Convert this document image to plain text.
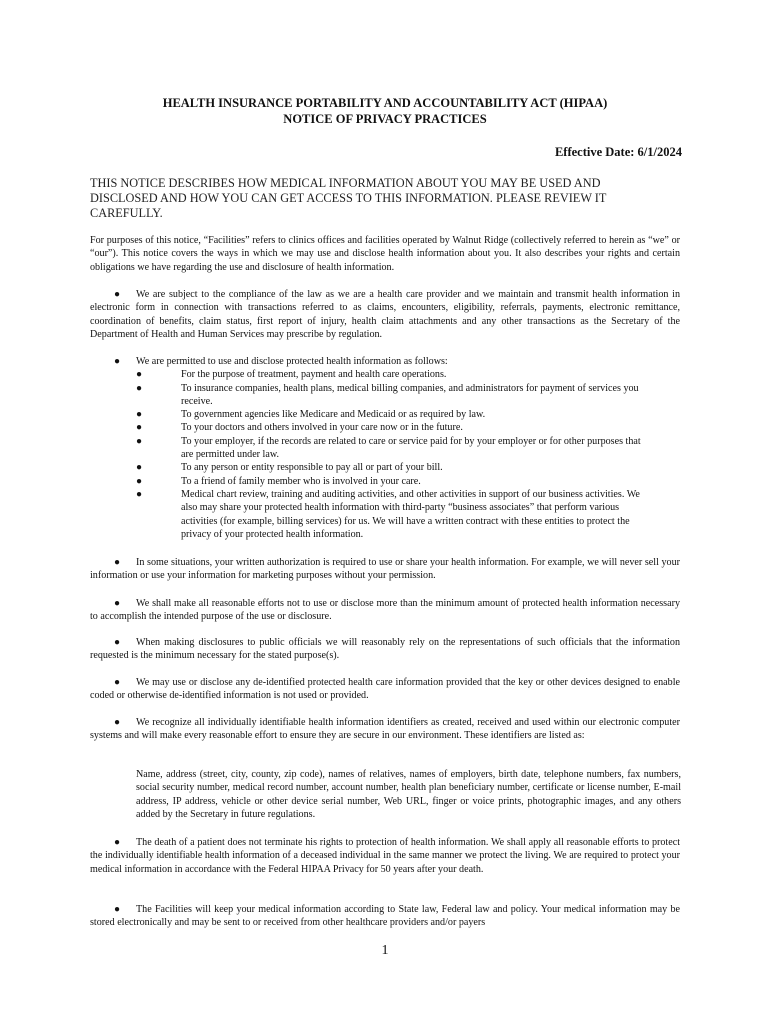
HEALTH INSURANCE PORTABILITY AND ACCOUNTABILITY ACT (HIPAA)

NOTICE OF PRIVACY PRACTICES

Effective Date: 6/1/2024

THIS NOTICE DESCRIBES HOW MEDICAL INFORMATION ABOUT YOU MAY BE USED AND DISCLOSED AND HOW YOU CAN GET ACCESS TO THIS INFORMATION. PLEASE REVIEW IT CAREFULLY.

For purposes of this notice, “Facilities” refers to clinics offices and facilities operated by Walnut Ridge (collectively referred to herein as “we” or “our”). This notice covers the ways in which we may use and disclose health information about you. It also describes your rights and certain obligations we have regarding the use and disclosure of health information.

● We are subject to the compliance of the law as we are a health care provider and we maintain and transmit health information in electronic form in connection with transactions referred to as claims, encounters, eligibility, referrals, payments, electronic remittance, coordination of benefits, claim status, first report of injury, health claim attachments and any other transactions as the Secretary of the Department of Health and Human Services may prescribe by regulation.

● We are permitted to use and disclose protected health information as follows:

●	For the purpose of treatment, payment and health care operations.

●	To insurance companies, health plans, medical billing companies, and administrators for payment of services you receive.

●	To government agencies like Medicare and Medicaid or as required by law.

●	To your doctors and others involved in your care now or in the future.

●	To your employer, if the records are related to care or service paid for by your employer or for other purposes that are permitted under law.

●	To any person or entity responsible to pay all or part of your bill.

●	To a friend of family member who is involved in your care.

●	Medical chart review, training and auditing activities, and other activities in support of our business activities. We also may share your protected health information with third-party “business associates” that perform various activities (for example, billing services) for us. We will have a written contract with these entities to protect the privacy of your protected health information.

● In some situations, your written authorization is required to use or share your health information. For example, we will never sell your information or use your information for marketing purposes without your permission.

● We shall make all reasonable efforts not to use or disclose more than the minimum amount of protected health information necessary to accomplish the intended purpose of the use or disclosure.

● When making disclosures to public officials we will reasonably rely on the representations of such officials that the information requested is the minimum necessary for the stated purpose(s).

● We may use or disclose any de-identified protected health care information provided that the key or other devices designed to enable coded or otherwise de-identified information is not used or provided.

● We recognize all individually identifiable health information identifiers as created, received and used within our electronic computer systems and will make every reasonable effort to ensure they are secure in our environment. These identifiers are listed as:

Name, address (street, city, county, zip code), names of relatives, names of employers, birth date, telephone numbers, fax numbers, social security number, medical record number, account number, health plan beneficiary number, certificate or license number, E-mail address, IP address, vehicle or other device serial number, Web URL, finger or voice prints, photographic images, and any others added by the Secretary in future regulations.

● The death of a patient does not terminate his rights to protection of health information. We shall apply all reasonable efforts to protect the individually identifiable health information of a deceased individual in the same manner we protect the living. We are required to protect your medical information in accordance with the Federal HIPAA Privacy for 50 years after your death.

● The Facilities will keep your medical information according to State law, Federal law and policy. Your medical information may be stored electronically and may be sent to or received from other healthcare providers and/or payers

1
